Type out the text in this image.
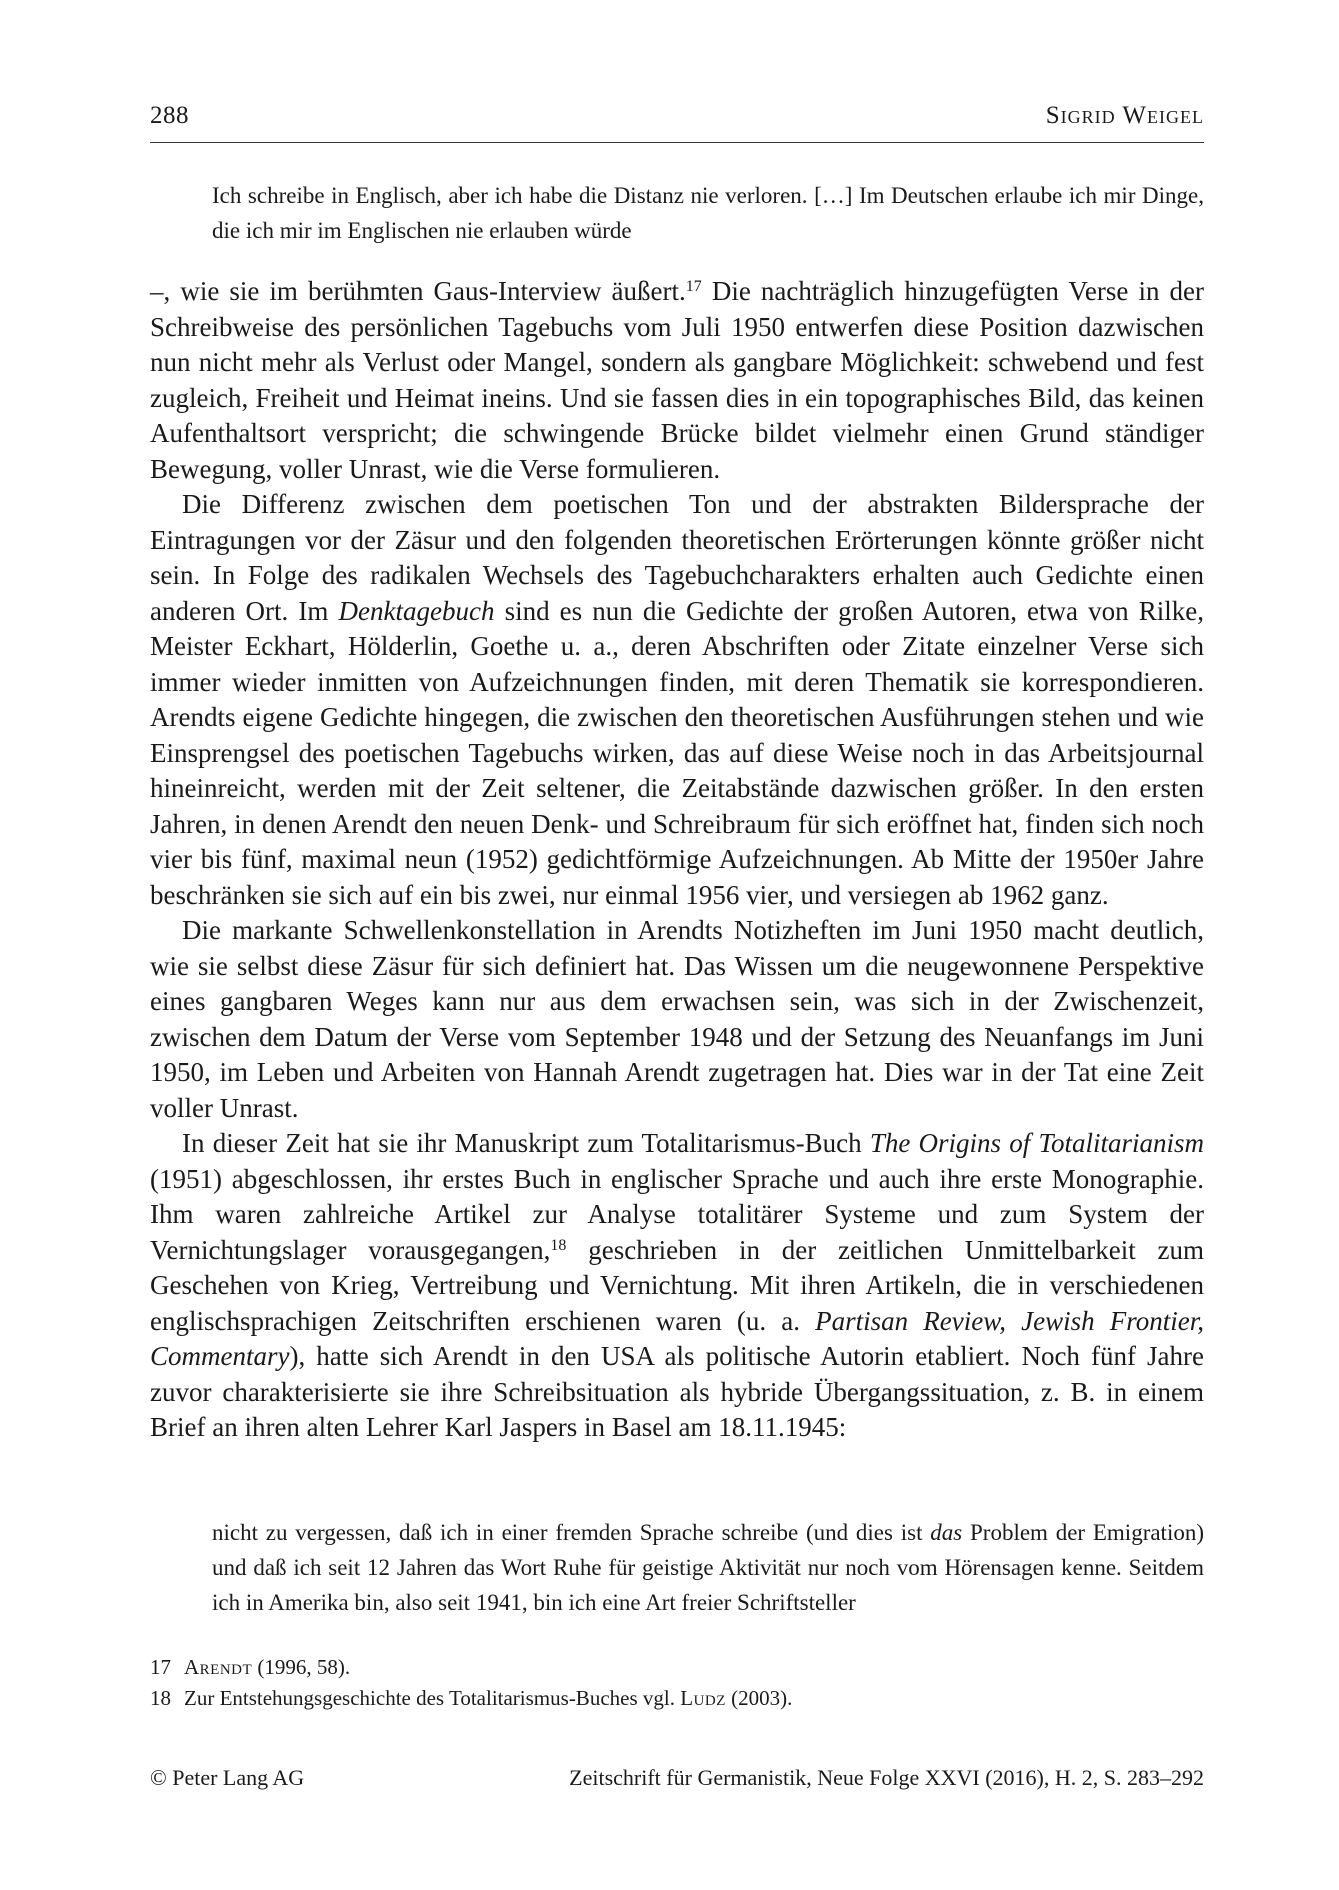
288	Sigrid Weigel

Ich schreibe in Englisch, aber ich habe die Distanz nie verloren. […] Im Deutschen erlaube ich mir Dinge, die ich mir im Englischen nie erlauben würde

–, wie sie im berühmten Gaus-Interview äußert.$^{17}$ Die nachträglich hinzugefügten Verse in der Schreibweise des persönlichen Tagebuchs vom Juli 1950 entwerfen diese Position dazwischen nun nicht mehr als Verlust oder Mangel, sondern als gangbare Möglichkeit: schwebend und fest zugleich, Freiheit und Heimat ineins. Und sie fassen dies in ein topographisches Bild, das keinen Aufenthaltsort verspricht; die schwingende Brücke bildet vielmehr einen Grund ständiger Bewegung, voller Unrast, wie die Verse formulieren.

Die Differenz zwischen dem poetischen Ton und der abstrakten Bildersprache der Eintragungen vor der Zäsur und den folgenden theoretischen Erörterungen könnte größer nicht sein. In Folge des radikalen Wechsels des Tagebuchcharakters erhalten auch Gedichte einen anderen Ort. Im Denktagebuch sind es nun die Gedichte der großen Autoren, etwa von Rilke, Meister Eckhart, Hölderlin, Goethe u. a., deren Abschriften oder Zitate einzelner Verse sich immer wieder inmitten von Aufzeichnungen finden, mit deren Thematik sie korrespondieren. Arendts eigene Gedichte hingegen, die zwischen den theoretischen Ausführungen stehen und wie Einsprengsel des poetischen Tagebuchs wirken, das auf diese Weise noch in das Arbeitsjournal hineinreicht, werden mit der Zeit seltener, die Zeitabstände dazwischen größer. In den ersten Jahren, in denen Arendt den neuen Denk- und Schreibraum für sich eröffnet hat, finden sich noch vier bis fünf, maximal neun (1952) gedichtförmige Aufzeichnungen. Ab Mitte der 1950er Jahre beschränken sie sich auf ein bis zwei, nur einmal 1956 vier, und versiegen ab 1962 ganz.

Die markante Schwellenkonstellation in Arendts Notizheften im Juni 1950 macht deutlich, wie sie selbst diese Zäsur für sich definiert hat. Das Wissen um die neugewonnene Perspektive eines gangbaren Weges kann nur aus dem erwachsen sein, was sich in der Zwischenzeit, zwischen dem Datum der Verse vom September 1948 und der Setzung des Neuanfangs im Juni 1950, im Leben und Arbeiten von Hannah Arendt zugetragen hat. Dies war in der Tat eine Zeit voller Unrast.

In dieser Zeit hat sie ihr Manuskript zum Totalitarismus-Buch The Origins of Totalitarianism (1951) abgeschlossen, ihr erstes Buch in englischer Sprache und auch ihre erste Monographie. Ihm waren zahlreiche Artikel zur Analyse totalitärer Systeme und zum System der Vernichtungslager vorausgegangen,$^{18}$ geschrieben in der zeitlichen Unmittelbarkeit zum Geschehen von Krieg, Vertreibung und Vernichtung. Mit ihren Artikeln, die in verschiedenen englischsprachigen Zeitschriften erschienen waren (u. a. Partisan Review, Jewish Frontier, Commentary), hatte sich Arendt in den USA als politische Autorin etabliert. Noch fünf Jahre zuvor charakterisierte sie ihre Schreibsituation als hybride Übergangssituation, z. B. in einem Brief an ihren alten Lehrer Karl Jaspers in Basel am 18.11.1945:

nicht zu vergessen, daß ich in einer fremden Sprache schreibe (und dies ist das Problem der Emigration) und daß ich seit 12 Jahren das Wort Ruhe für geistige Aktivität nur noch vom Hörensagen kenne. Seitdem ich in Amerika bin, also seit 1941, bin ich eine Art freier Schriftsteller

17 Arendt (1996, 58).
18 Zur Entstehungsgeschichte des Totalitarismus-Buches vgl. Ludz (2003).
© Peter Lang AG	Zeitschrift für Germanistik, Neue Folge XXVI (2016), H. 2, S. 283–292
